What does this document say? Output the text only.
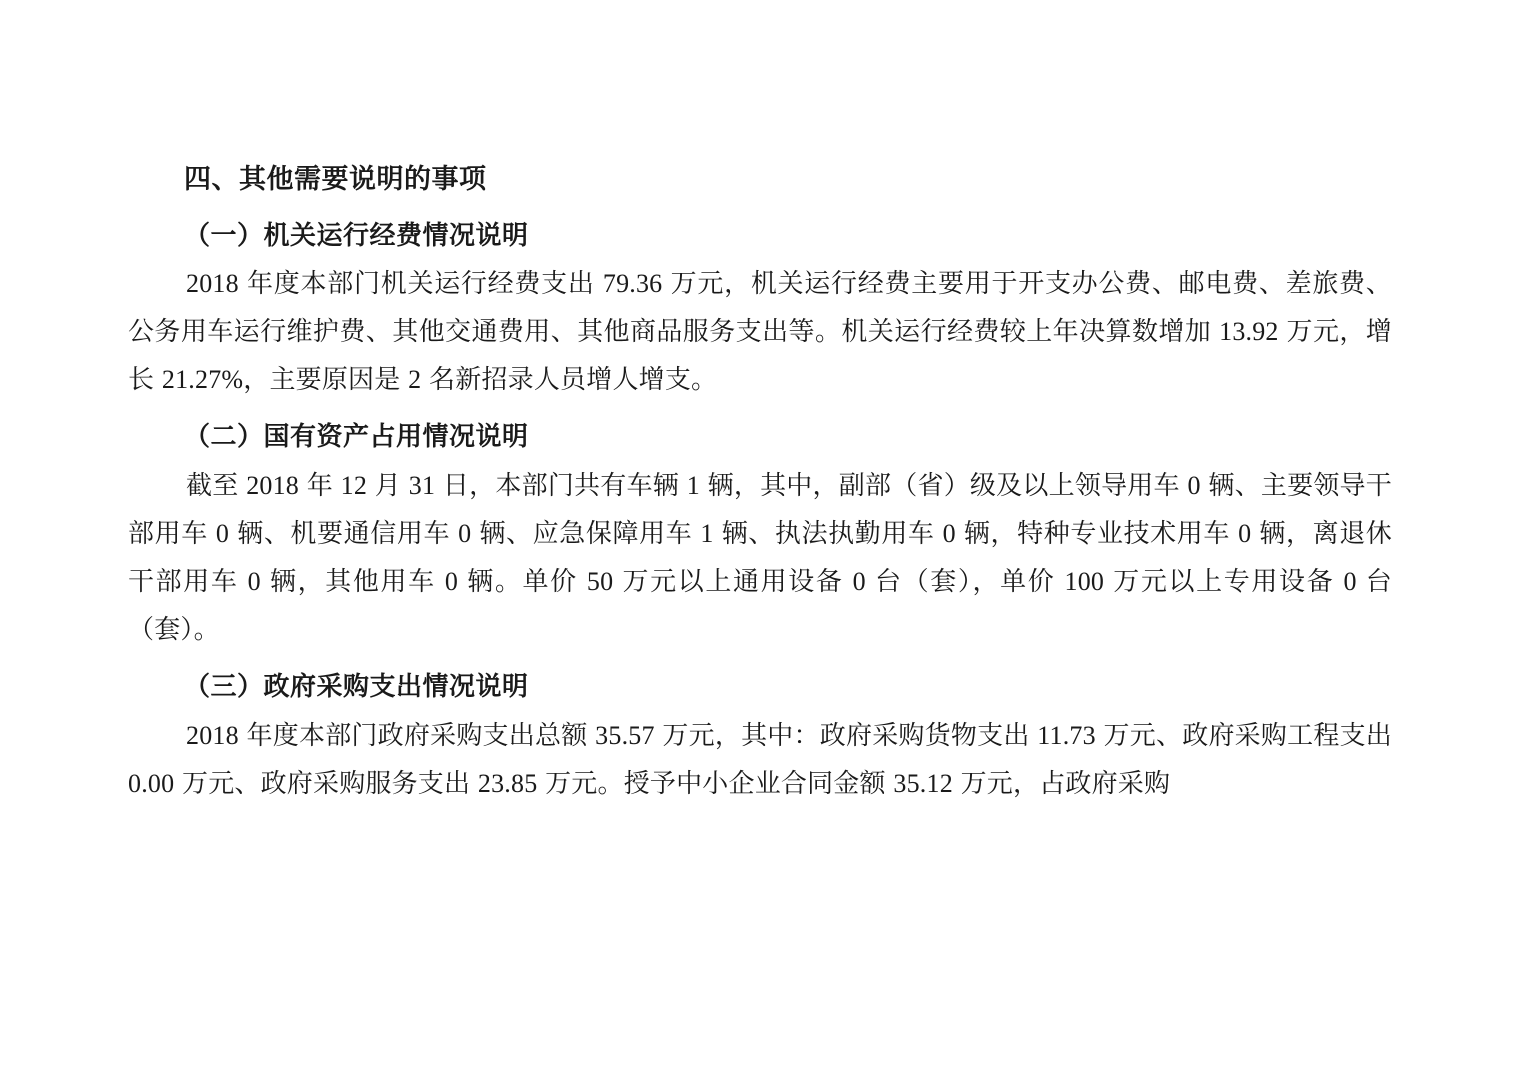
四、其他需要说明的事项
（一）机关运行经费情况说明

2018 年度本部门机关运行经费支出 79.36 万元，机关运行经费主要用于开支办公费、邮电费、差旅费、公务用车运行维护费、其他交通费用、其他商品服务支出等。机关运行经费较上年决算数增加 13.92 万元，增长 21.27%，主要原因是 2 名新招录人员增人增支。

（二）国有资产占用情况说明

截至 2018 年 12 月 31 日，本部门共有车辆 1 辆，其中，副部（省）级及以上领导用车 0 辆、主要领导干部用车 0 辆、机要通信用车 0 辆、应急保障用车 1 辆、执法执勤用车 0 辆，特种专业技术用车 0 辆，离退休干部用车 0 辆，其他用车 0 辆。单价 50 万元以上通用设备 0 台（套），单价 100 万元以上专用设备 0 台（套）。

（三）政府采购支出情况说明

2018 年度本部门政府采购支出总额 35.57 万元，其中：政府采购货物支出 11.73 万元、政府采购工程支出 0.00 万元、政府采购服务支出 23.85 万元。授予中小企业合同金额 35.12 万元，占政府采购
